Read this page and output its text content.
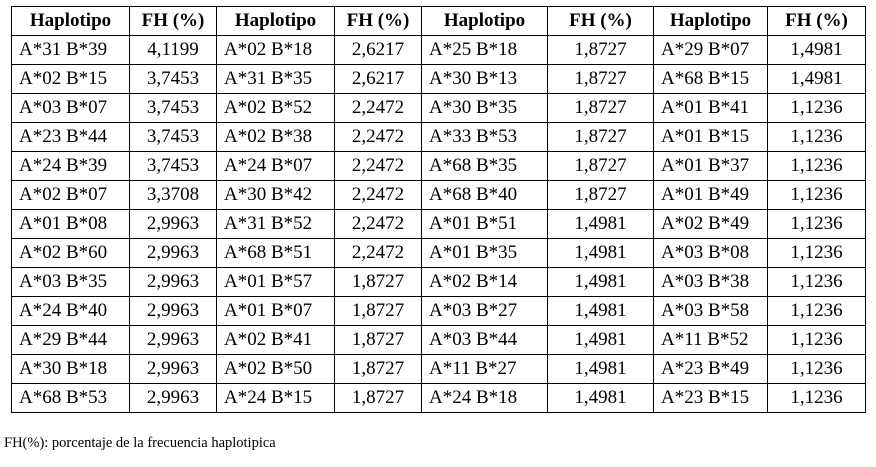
Haplotipo	FH (%)	Haplotipo	FH (%)	Haplotipo	FH (%)	Haplotipo	FH (%)
A*31 B*39	4,1199	A*02 B*18	2,6217	A*25 B*18	1,8727	A*29 B*07	1,4981
A*02 B*15	3,7453	A*31 B*35	2,6217	A*30 B*13	1,8727	A*68 B*15	1,4981
A*03 B*07	3,7453	A*02 B*52	2,2472	A*30 B*35	1,8727	A*01 B*41	1,1236
A*23 B*44	3,7453	A*02 B*38	2,2472	A*33 B*53	1,8727	A*01 B*15	1,1236
A*24 B*39	3,7453	A*24 B*07	2,2472	A*68 B*35	1,8727	A*01 B*37	1,1236
A*02 B*07	3,3708	A*30 B*42	2,2472	A*68 B*40	1,8727	A*01 B*49	1,1236
A*01 B*08	2,9963	A*31 B*52	2,2472	A*01 B*51	1,4981	A*02 B*49	1,1236
A*02 B*60	2,9963	A*68 B*51	2,2472	A*01 B*35	1,4981	A*03 B*08	1,1236
A*03 B*35	2,9963	A*01 B*57	1,8727	A*02 B*14	1,4981	A*03 B*38	1,1236
A*24 B*40	2,9963	A*01 B*07	1,8727	A*03 B*27	1,4981	A*03 B*58	1,1236
A*29 B*44	2,9963	A*02 B*41	1,8727	A*03 B*44	1,4981	A*11 B*52	1,1236
A*30 B*18	2,9963	A*02 B*50	1,8727	A*11 B*27	1,4981	A*23 B*49	1,1236
A*68 B*53	2,9963	A*24 B*15	1,8727	A*24 B*18	1,4981	A*23 B*15	1,1236
FH(%): porcentaje de la frecuencia haplotipica
